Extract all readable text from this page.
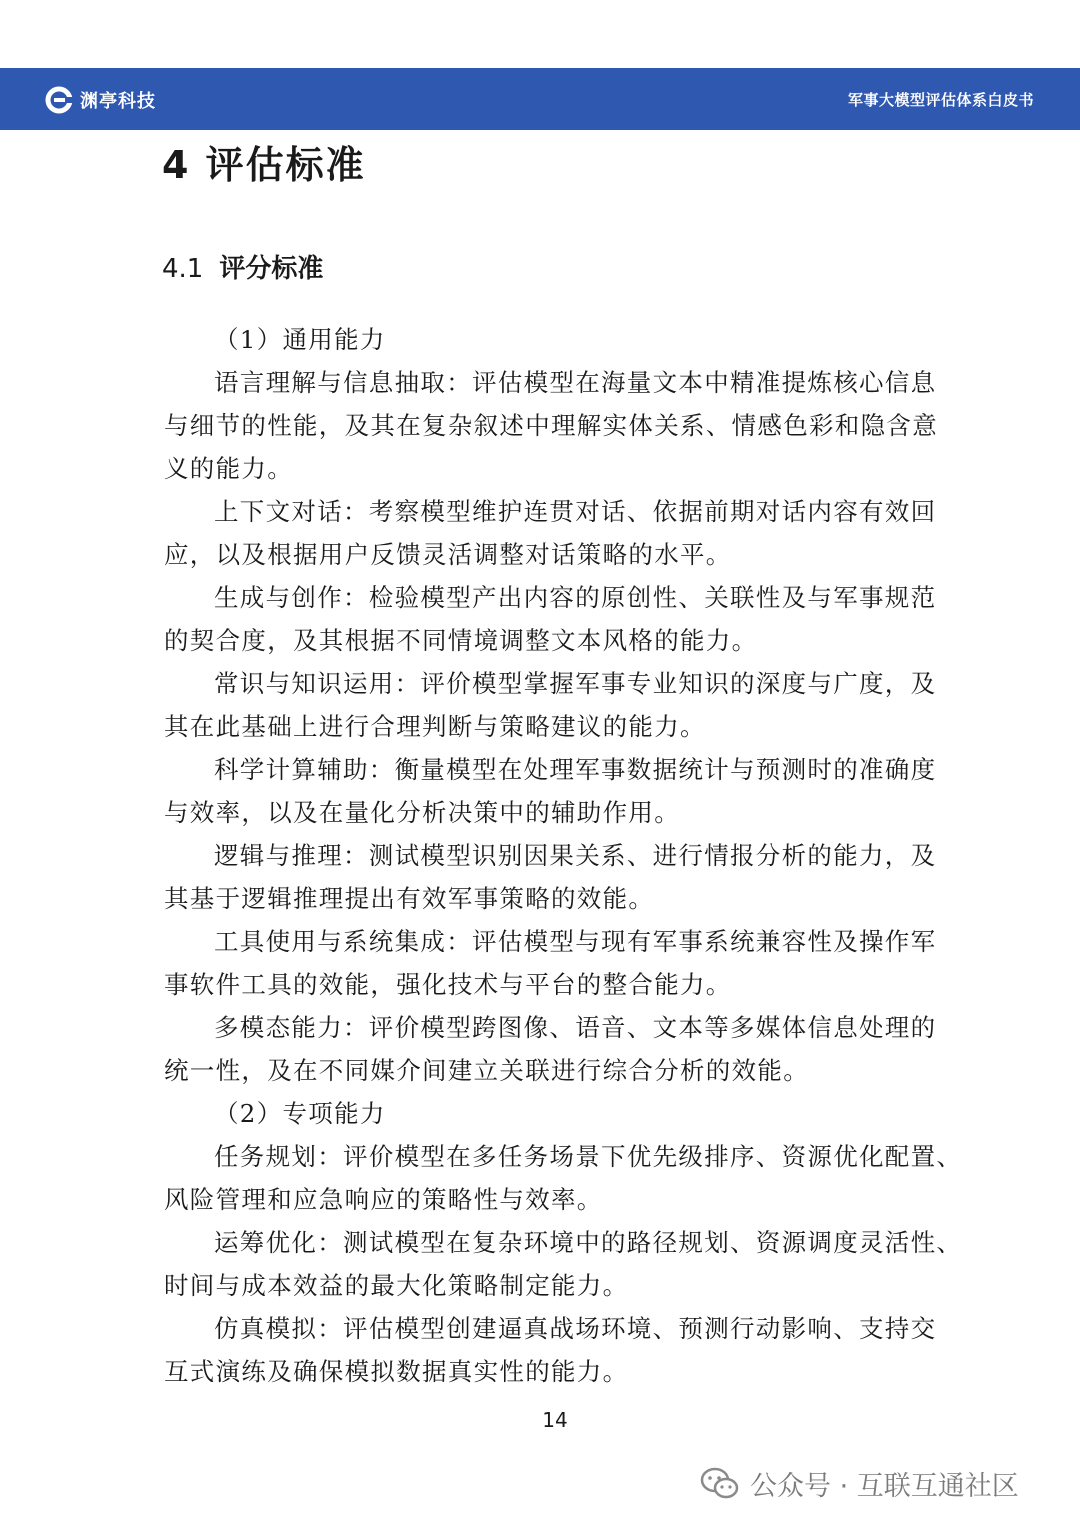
渊亭科技	军事大模型评估体系白皮书
4 评估标准
4.1 评分标准
（1）通用能力
语言理解与信息抽取：评估模型在海量文本中精准提炼核心信息
与细节的性能，及其在复杂叙述中理解实体关系、情感色彩和隐含意
义的能力。
上下文对话：考察模型维护连贯对话、依据前期对话内容有效回
应，以及根据用户反馈灵活调整对话策略的水平。
生成与创作：检验模型产出内容的原创性、关联性及与军事规范
的契合度，及其根据不同情境调整文本风格的能力。
常识与知识运用：评价模型掌握军事专业知识的深度与广度，及
其在此基础上进行合理判断与策略建议的能力。
科学计算辅助：衡量模型在处理军事数据统计与预测时的准确度
与效率，以及在量化分析决策中的辅助作用。
逻辑与推理：测试模型识别因果关系、进行情报分析的能力，及
其基于逻辑推理提出有效军事策略的效能。
工具使用与系统集成：评估模型与现有军事系统兼容性及操作军
事软件工具的效能，强化技术与平台的整合能力。
多模态能力：评价模型跨图像、语音、文本等多媒体信息处理的
统一性，及在不同媒介间建立关联进行综合分析的效能。
（2）专项能力
任务规划：评价模型在多任务场景下优先级排序、资源优化配置、
风险管理和应急响应的策略性与效率。
运筹优化：测试模型在复杂环境中的路径规划、资源调度灵活性、
时间与成本效益的最大化策略制定能力。
仿真模拟：评估模型创建逼真战场环境、预测行动影响、支持交
互式演练及确保模拟数据真实性的能力。
14
公众号 · 互联互通社区
